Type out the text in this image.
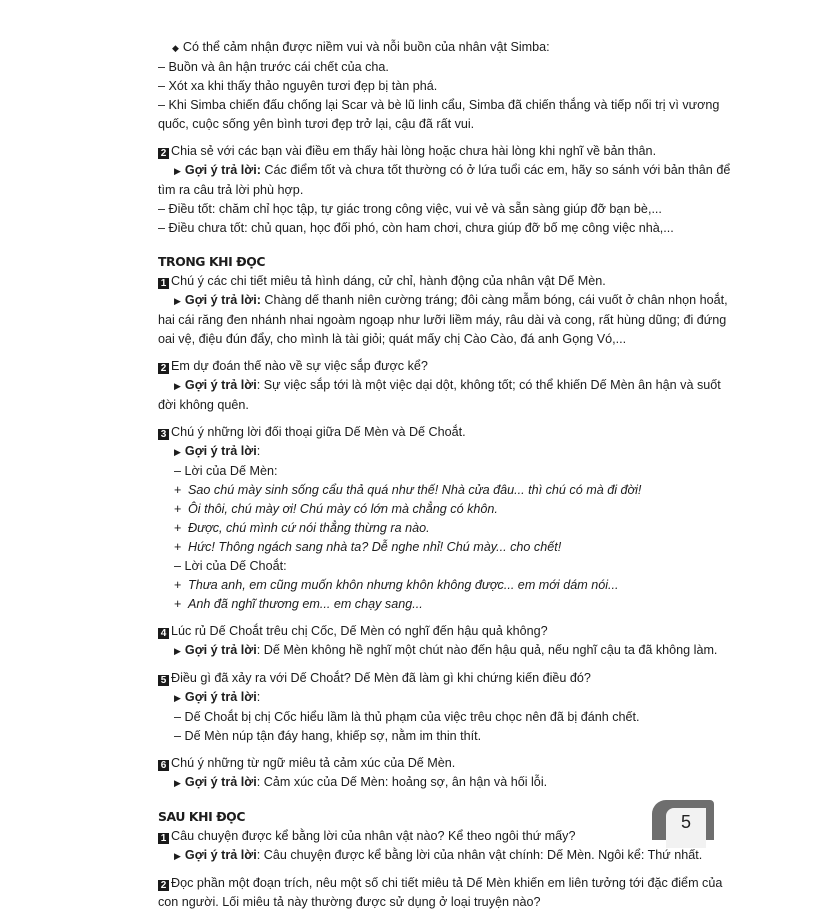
◆ Có thể cảm nhận được niềm vui và nỗi buồn của nhân vật Simba:
– Buồn và ân hận trước cái chết của cha.
– Xót xa khi thấy thảo nguyên tươi đẹp bị tàn phá.
– Khi Simba chiến đấu chống lại Scar và bè lũ linh cẩu, Simba đã chiến thắng và tiếp nối trị vì vương
quốc, cuộc sống yên bình tươi đẹp trở lại, cậu đã rất vui.
2 Chia sẻ với các bạn vài điều em thấy hài lòng hoặc chưa hài lòng khi nghĩ về bản thân.
▶ Gợi ý trả lời: Các điểm tốt và chưa tốt thường có ở lứa tuổi các em, hãy so sánh với bản thân để
tìm ra câu trả lời phù hợp.
– Điều tốt: chăm chỉ học tập, tự giác trong công việc, vui vẻ và sẵn sàng giúp đỡ bạn bè,...
– Điều chưa tốt: chủ quan, học đối phó, còn ham chơi, chưa giúp đỡ bố mẹ công việc nhà,...
TRONG KHI ĐỌC
1 Chú ý các chi tiết miêu tả hình dáng, cử chỉ, hành động của nhân vật Dế Mèn.
▶ Gợi ý trả lời: Chàng dế thanh niên cường tráng; đôi càng mẫm bóng, cái vuốt ở chân nhọn hoắt,
hai cái răng đen nhánh nhai ngoàm ngoạp như lưỡi liềm máy, râu dài và cong, rất hùng dũng; đi đứng
oai vệ, điệu đún đẩy, cho mình là tài giỏi; quát mấy chị Cào Cào, đá anh Gọng Vó,...
2 Em dự đoán thế nào về sự việc sắp được kể?
▶ Gợi ý trả lời: Sự việc sắp tới là một việc dại dột, không tốt; có thể khiến Dế Mèn ân hận và suốt
đời không quên.
3 Chú ý những lời đối thoại giữa Dế Mèn và Dế Choắt.
▶ Gợi ý trả lời:
– Lời của Dế Mèn:
+ Sao chú mày sinh sống cẩu thả quá như thế! Nhà cửa đâu... thì chú có mà đi đời!
+ Ôi thôi, chú mày ơi! Chú mày có lớn mà chẳng có khôn.
+ Được, chú mình cứ nói thẳng thừng ra nào.
+ Hức! Thông ngách sang nhà ta? Dễ nghe nhỉ! Chú mày... cho chết!
– Lời của Dế Choắt:
+ Thưa anh, em cũng muốn khôn nhưng khôn không được... em mới dám nói...
+ Anh đã nghĩ thương em... em chạy sang...
4 Lúc rủ Dế Choắt trêu chị Cốc, Dế Mèn có nghĩ đến hậu quả không?
▶ Gợi ý trả lời: Dế Mèn không hề nghĩ một chút nào đến hậu quả, nếu nghĩ cậu ta đã không làm.
5 Điều gì đã xảy ra với Dế Choắt? Dế Mèn đã làm gì khi chứng kiến điều đó?
▶ Gợi ý trả lời:
– Dế Choắt bị chị Cốc hiểu lầm là thủ phạm của việc trêu chọc nên đã bị đánh chết.
– Dế Mèn núp tận đáy hang, khiếp sợ, nằm im thin thít.
6 Chú ý những từ ngữ miêu tả cảm xúc của Dế Mèn.
▶ Gợi ý trả lời: Cảm xúc của Dế Mèn: hoảng sợ, ân hận và hối lỗi.
SAU KHI ĐỌC
1 Câu chuyện được kể bằng lời của nhân vật nào? Kể theo ngôi thứ mấy?
▶ Gợi ý trả lời: Câu chuyện được kể bằng lời của nhân vật chính: Dế Mèn. Ngôi kể: Thứ nhất.
2 Đọc phần một đoạn trích, nêu một số chi tiết miêu tả Dế Mèn khiến em liên tưởng tới đặc điểm của
con người. Lối miêu tả này thường được sử dụng ở loại truyện nào?
5
